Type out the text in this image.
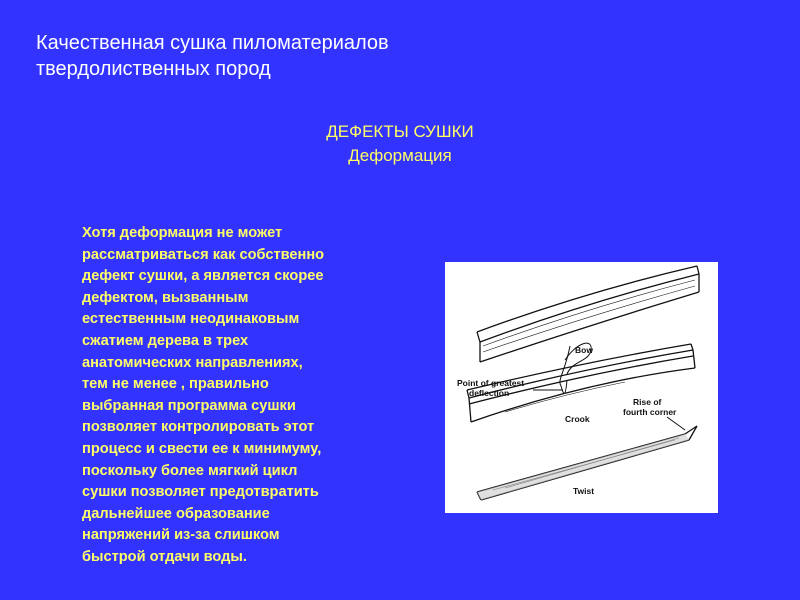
Качественная сушка пиломатериалов
твердолиственных пород
ДЕФЕКТЫ СУШКИ
Деформация
Хотя деформация не может
рассматриваться как собственно
дефект сушки, а является скорее
дефектом, вызванным
естественным неодинаковым
сжатием дерева в трех
анатомических направлениях,
тем не менее , правильно
выбранная программа сушки
позволяет контролировать этот
процесс и свести ее к минимуму,
поскольку более мягкий цикл
сушки позволяет предотвратить
дальнейшее образование
напряжений из-за слишком
быстрой отдачи воды.
Bow
Point of greatest
deflection
Crook
Rise of
fourth corner
Twist
